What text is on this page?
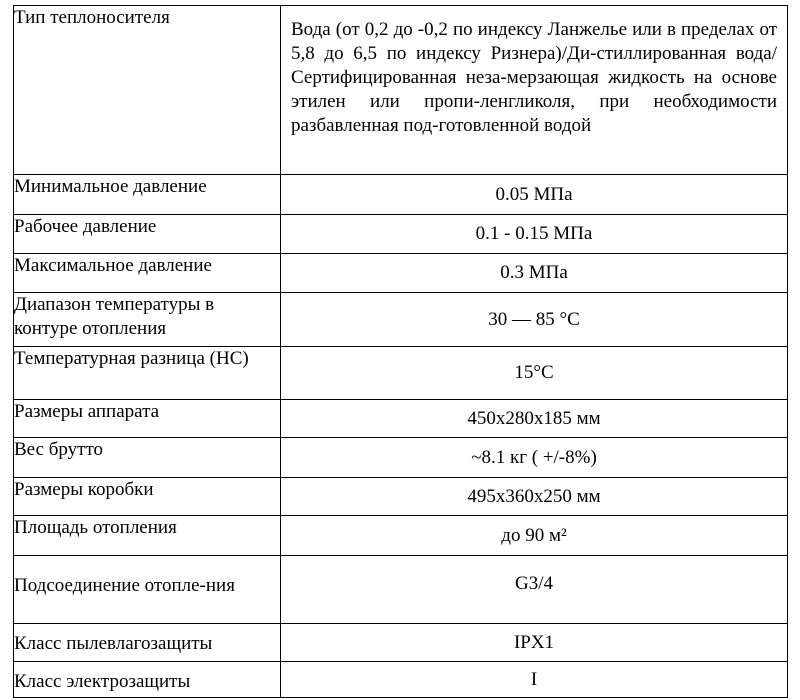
Тип теплоносителя	Вода (от 0,2 до -0,2 по индексу Ланжелье или в пределах от 5,8 до 6,5 по индексу Ризнера)/Ди-стиллированная вода/ Сертифицированная неза-мерзающая жидкость на основе этилен или пропи-ленгликоля, при необходимости разбавленная под-готовленной водой
Минимальное давление	0.05 МПа
Рабочее давление	0.1 - 0.15 МПа
Максимальное давление	0.3 МПа
Диапазон температуры в контуре отопления	30 — 85 °C
Температурная разница (HC)	15°C
Размеры аппарата	450x280x185 мм
Вес брутто	~8.1 кг ( +/-8%)
Размеры коробки	495x360x250 мм
Площадь отопления	до 90 м²
Подсоединение отопле-ния	G3/4
Класс пылевлагозащиты	IPX1
Класс электрозащиты	I
